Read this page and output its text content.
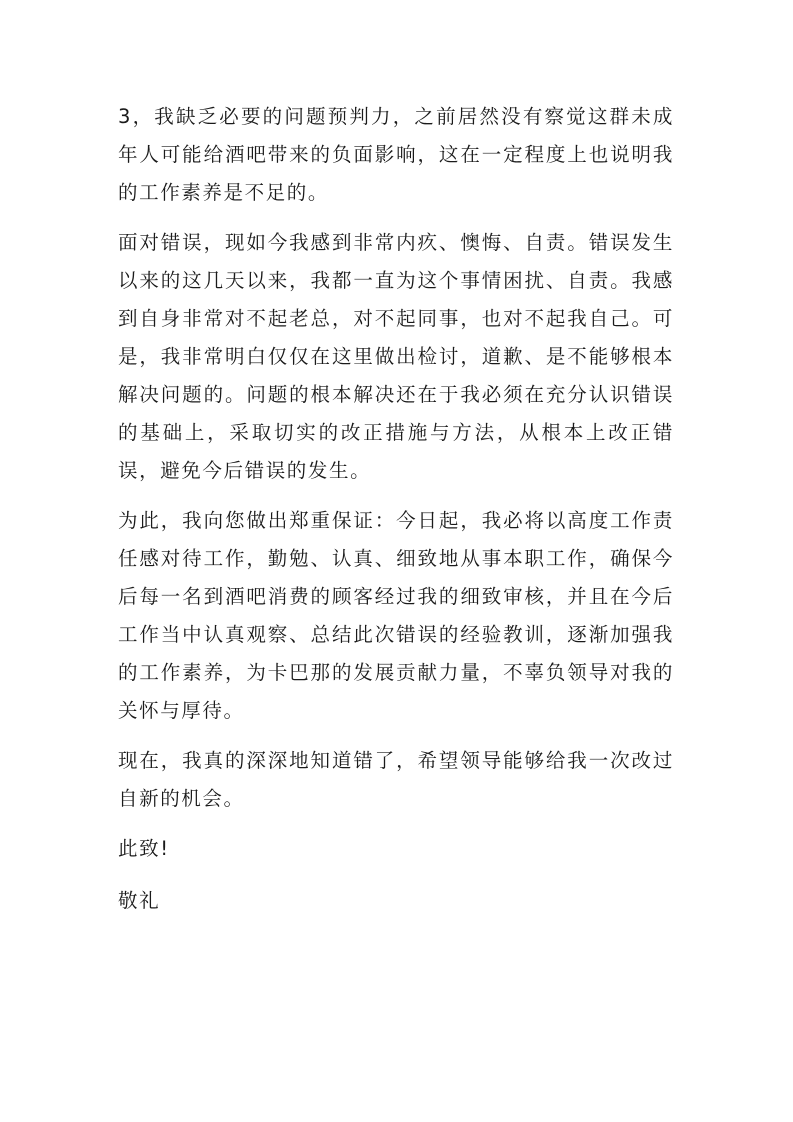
3，我缺乏必要的问题预判力，之前居然没有察觉这群未成年人可能给酒吧带来的负面影响，这在一定程度上也说明我的工作素养是不足的。

面对错误，现如今我感到非常内疚、懊悔、自责。错误发生以来的这几天以来，我都一直为这个事情困扰、自责。我感到自身非常对不起老总，对不起同事，也对不起我自己。可是，我非常明白仅仅在这里做出检讨，道歉、是不能够根本解决问题的。问题的根本解决还在于我必须在充分认识错误的基础上，采取切实的改正措施与方法，从根本上改正错误，避免今后错误的发生。

为此，我向您做出郑重保证：今日起，我必将以高度工作责任感对待工作，勤勉、认真、细致地从事本职工作，确保今后每一名到酒吧消费的顾客经过我的细致审核，并且在今后工作当中认真观察、总结此次错误的经验教训，逐渐加强我的工作素养，为卡巴那的发展贡献力量，不辜负领导对我的关怀与厚待。

现在，我真的深深地知道错了，希望领导能够给我一次改过自新的机会。

此致!

敬礼
